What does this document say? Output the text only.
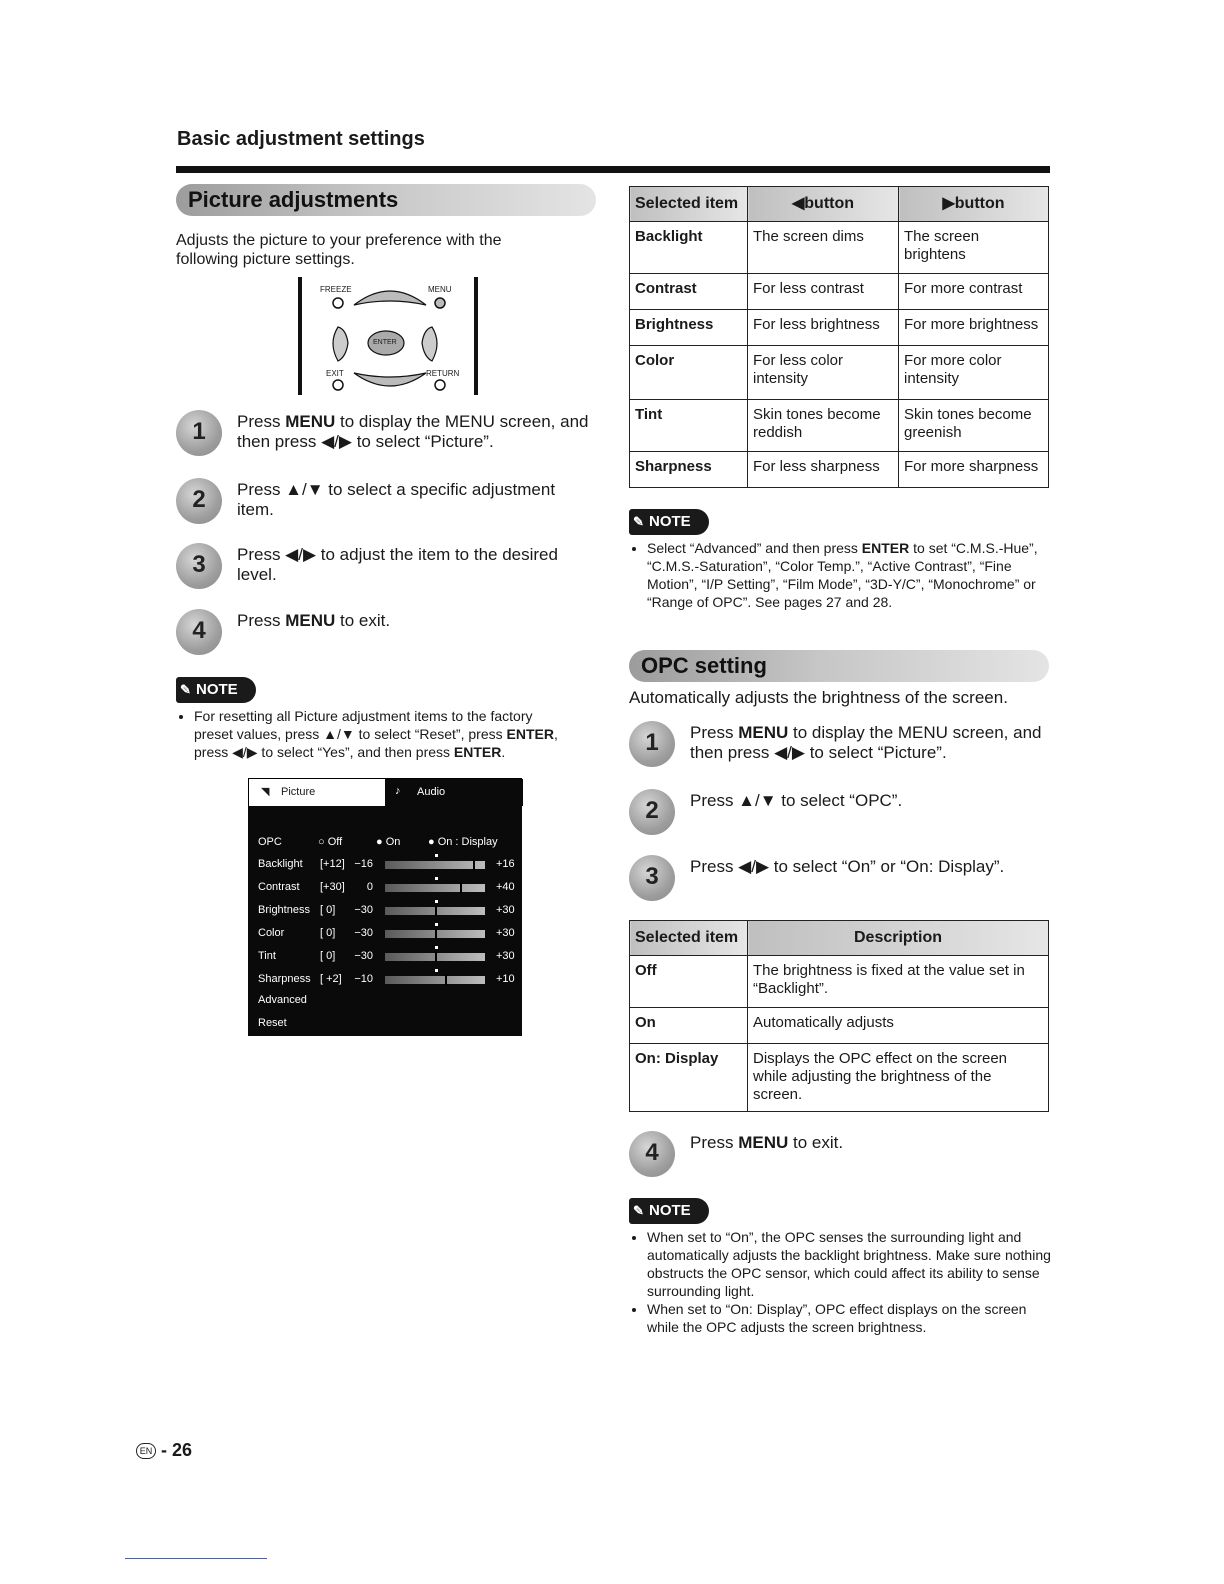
Basic adjustment settings
Picture adjustments
Adjusts the picture to your preference with the
following picture settings.
FREEZE	MENU
ENTER
EXIT	RETURN
1	Press MENU to display the MENU screen, and
then press ◀/▶ to select “Picture”.
2	Press ▲/▼ to select a specific adjustment
item.
3	Press ◀/▶ to adjust the item to the desired
level.
4	Press MENU to exit.
✎ NOTE
• For resetting all Picture adjustment items to the factory
preset values, press ▲/▼ to select “Reset”, press ENTER,
press ◀/▶ to select “Yes”, and then press ENTER.
◥ Picture	♪ Audio
OPC	○ Off	● On	● On : Display
Backlight [+12] −16	+16
Contrast [+30]	0	+40
Brightness [ 0] −30	+30
Color	[ 0] −30	+30
Tint	[ 0] −30	+30
Sharpness [ +2] −10	+10
Advanced
Reset
Selected item	◀button	▶button
Backlight	The screen dims	The screen brightens
Contrast	For less contrast	For more contrast
Brightness	For less brightness	For more brightness
Color	For less color intensity	For more color intensity
Tint	Skin tones become reddish	Skin tones become greenish
Sharpness	For less sharpness	For more sharpness
✎ NOTE
• Select “Advanced” and then press ENTER to set “C.M.S.-Hue”, “C.M.S.-Saturation”, “Color Temp.”, “Active Contrast”, “Fine Motion”, “I/P Setting”, “Film Mode”, “3D-Y/C”, “Monochrome” or “Range of OPC”. See pages 27 and 28.
OPC setting
Automatically adjusts the brightness of the screen.
1	Press MENU to display the MENU screen, and
then press ◀/▶ to select “Picture”.
2	Press ▲/▼ to select “OPC”.
3	Press ◀/▶ to select “On” or “On: Display”.
Selected item	Description
Off	The brightness is fixed at the value set in “Backlight”.
On	Automatically adjusts
On: Display	Displays the OPC effect on the screen while adjusting the brightness of the screen.
4	Press MENU to exit.
✎ NOTE
• When set to “On”, the OPC senses the surrounding light and automatically adjusts the backlight brightness. Make sure nothing obstructs the OPC sensor, which could affect its ability to sense surrounding light.
• When set to “On: Display”, OPC effect displays on the screen while the OPC adjusts the screen brightness.
EN - 26
